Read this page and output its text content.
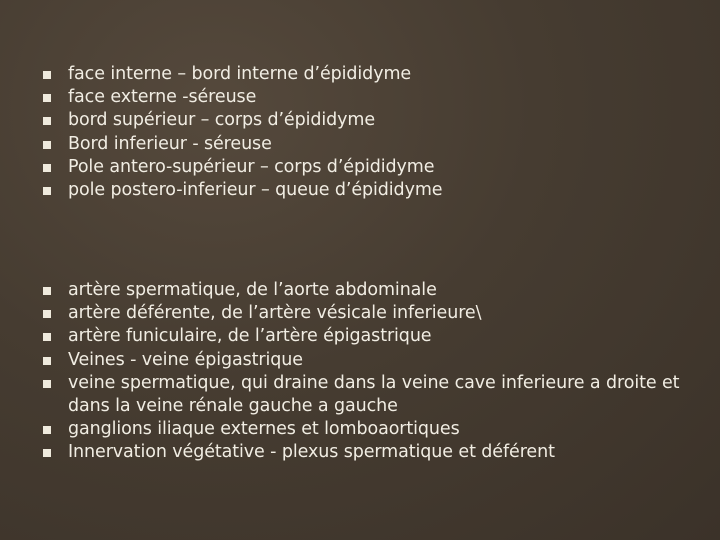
face interne – bord interne d’épididyme
face externe -séreuse
bord supérieur – corps d’épididyme
Bord inferieur - séreuse
Pole antero-supérieur – corps d’épididyme
pole postero-inferieur – queue d’épididyme
artère spermatique, de l’aorte abdominale
artère déférente, de l’artère vésicale inferieure\
artère funiculaire, de l’artère épigastrique
Veines - veine épigastrique
veine spermatique, qui draine dans la veine cave inferieure a droite et dans la veine rénale gauche a gauche
ganglions iliaque externes et lomboaortiques
Innervation végétative - plexus spermatique et déférent
